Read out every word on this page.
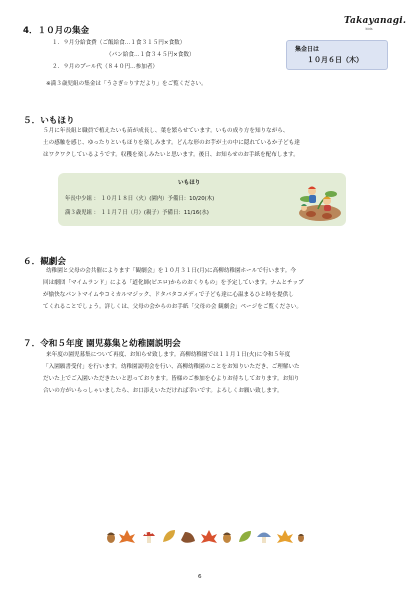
Takayanagi.
kids
4．１０月の集金
１．９月分給食費（ご飯給食…１食３１５円×食数）
（パン給食…１食３４５円×食数）
２．９月のプール代（８４０円…参加者）
※満３歳児組の集金は「うさぎ☆りすだより」をご覧ください。
集金日は
１０月６日（木）
５．いもほり
５月に年長組と職員で植えたいも苗が成長し、葉を繁らせています。いもの成り方を知りながら、
土の感触を感じ、ゆったりといもほりを楽しみます。どんな形のお芋が土の中に隠れているか子ども達
はワクワクしているようです。収穫を楽しみたいと思います。後日、お知らせのお手紙を配布します。
いもほり
年長中少組 ： １０月１８日（火）(園内）予備日：10/20(木)
満３歳児組 ： １１月７日（月）(親子）予備日：11/16(水)
６．観劇会
幼稚園と父母の会共催によります「観劇会」を１０月３１日(月)に高柳幼稚園ホールで行います。今
回は劇団「マイムランド」による「道化師(ピエロ)からのおくりもの」を予定しています。ナムとチップ
が愉快なパントマイムやコミカルマジック、ドタバタコメディで子ども達に心温まるひと時を提供し
てくれることでしょう。詳しくは、父母の会からのお手紙「父母の会 観劇会」ページをご覧ください。
７．令和５年度 園児募集と幼稚園説明会
来年度の園児募集について再度、お知らせ致します。高柳幼稚園では１１月１日(火)に令和５年度
「入園願書受付」を行います。幼稚園説明会を行い、高柳幼稚園のことをお知りいただき、ご理解いた
だいた上でご入園いただきたいと思っております。皆様のご参加を心よりお待ちしております。お知り
合いの方がいらっしゃいましたら、お口添えいただければ幸いです。よろしくお願い致します。
6
